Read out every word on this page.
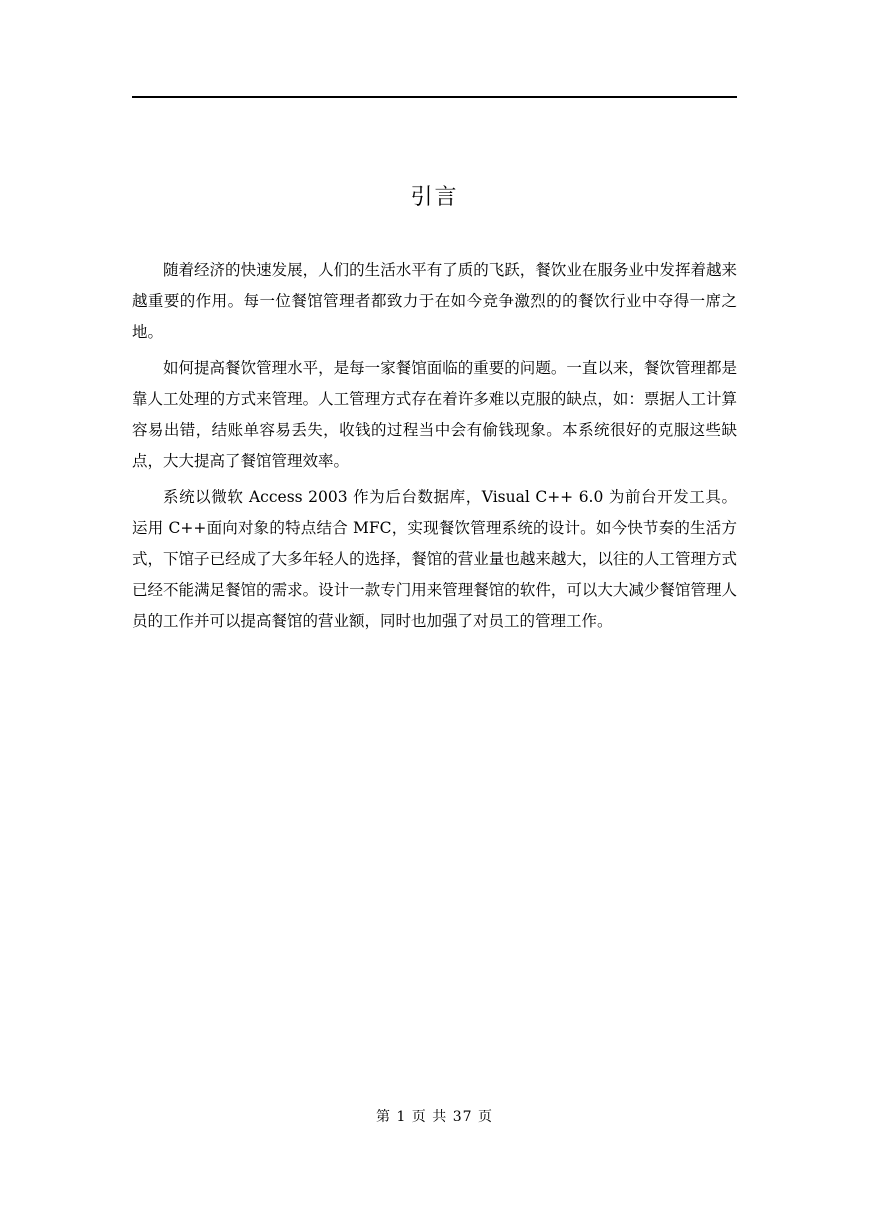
引言

随着经济的快速发展，人们的生活水平有了质的飞跃，餐饮业在服务业中发挥着越来越重要的作用。每一位餐馆管理者都致力于在如今竞争激烈的的餐饮行业中夺得一席之地。

如何提高餐饮管理水平，是每一家餐馆面临的重要的问题。一直以来，餐饮管理都是靠人工处理的方式来管理。人工管理方式存在着许多难以克服的缺点，如：票据人工计算容易出错，结账单容易丢失，收钱的过程当中会有偷钱现象。本系统很好的克服这些缺点，大大提高了餐馆管理效率。

系统以微软 Access 2003 作为后台数据库，Visual C++ 6.0 为前台开发工具。运用 C++面向对象的特点结合 MFC，实现餐饮管理系统的设计。如今快节奏的生活方式，下馆子已经成了大多年轻人的选择，餐馆的营业量也越来越大，以往的人工管理方式已经不能满足餐馆的需求。设计一款专门用来管理餐馆的软件，可以大大减少餐馆管理人员的工作并可以提高餐馆的营业额，同时也加强了对员工的管理工作。

第 1 页 共 37 页
